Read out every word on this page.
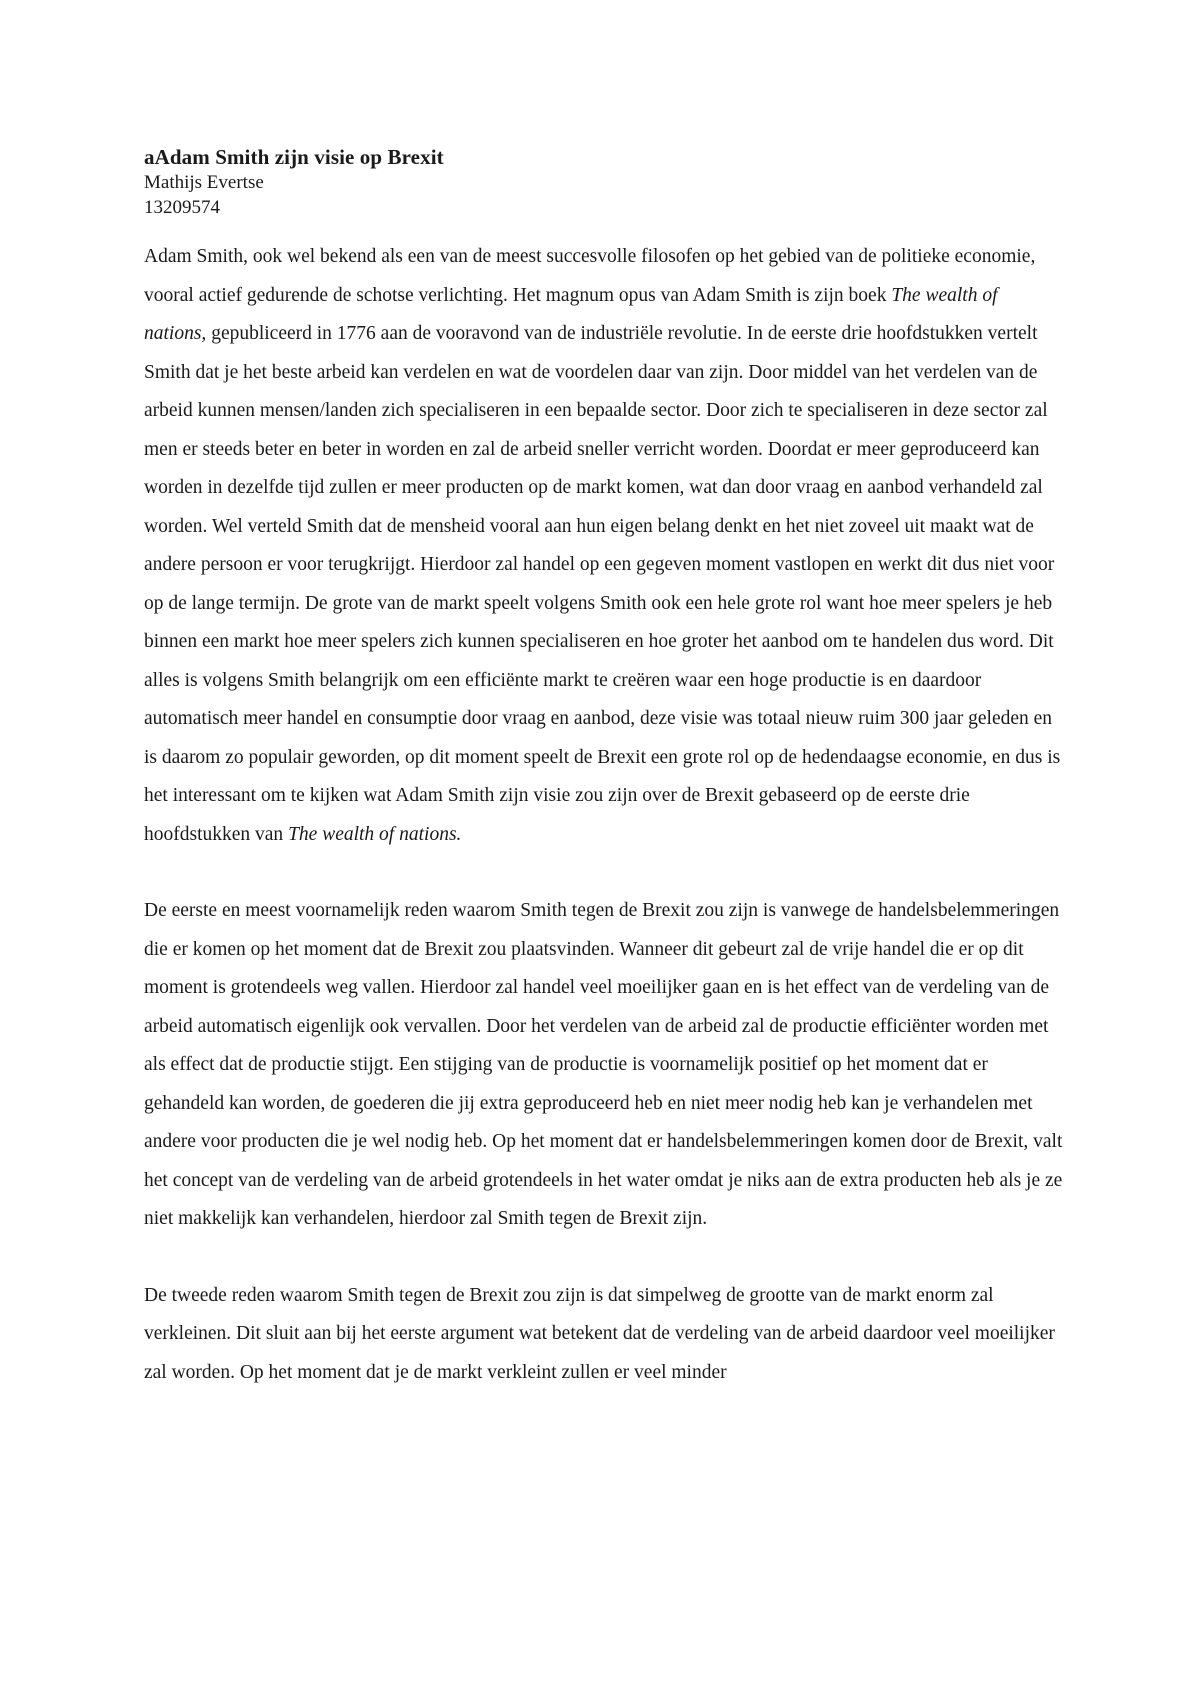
aAdam Smith zijn visie op Brexit

Mathijs Evertse

13209574

Adam Smith, ook wel bekend als een van de meest succesvolle filosofen op het gebied van de politieke economie, vooral actief gedurende de schotse verlichting. Het magnum opus van Adam Smith is zijn boek The wealth of nations, gepubliceerd in 1776 aan de vooravond van de industriële revolutie. In de eerste drie hoofdstukken vertelt Smith dat je het beste arbeid kan verdelen en wat de voordelen daar van zijn. Door middel van het verdelen van de arbeid kunnen mensen/landen zich specialiseren in een bepaalde sector. Door zich te specialiseren in deze sector zal men er steeds beter en beter in worden en zal de arbeid sneller verricht worden. Doordat er meer geproduceerd kan worden in dezelfde tijd zullen er meer producten op de markt komen, wat dan door vraag en aanbod verhandeld zal worden. Wel verteld Smith dat de mensheid vooral aan hun eigen belang denkt en het niet zoveel uit maakt wat de andere persoon er voor terugkrijgt. Hierdoor zal handel op een gegeven moment vastlopen en werkt dit dus niet voor op de lange termijn. De grote van de markt speelt volgens Smith ook een hele grote rol want hoe meer spelers je heb binnen een markt hoe meer spelers zich kunnen specialiseren en hoe groter het aanbod om te handelen dus word. Dit alles is volgens Smith belangrijk om een efficiënte markt te creëren waar een hoge productie is en daardoor automatisch meer handel en consumptie door vraag en aanbod, deze visie was totaal nieuw ruim 300 jaar geleden en is daarom zo populair geworden, op dit moment speelt de Brexit een grote rol op de hedendaagse economie, en dus is het interessant om te kijken wat Adam Smith zijn visie zou zijn over de Brexit gebaseerd op de eerste drie hoofdstukken van The wealth of nations.

De eerste en meest voornamelijk reden waarom Smith tegen de Brexit zou zijn is vanwege de handelsbelemmeringen die er komen op het moment dat de Brexit zou plaatsvinden. Wanneer dit gebeurt zal de vrije handel die er op dit moment is grotendeels weg vallen. Hierdoor zal handel veel moeilijker gaan en is het effect van de verdeling van de arbeid automatisch eigenlijk ook vervallen. Door het verdelen van de arbeid zal de productie efficiënter worden met als effect dat de productie stijgt. Een stijging van de productie is voornamelijk positief op het moment dat er gehandeld kan worden, de goederen die jij extra geproduceerd heb en niet meer nodig heb kan je verhandelen met andere voor producten die je wel nodig heb. Op het moment dat er handelsbelemmeringen komen door de Brexit, valt het concept van de verdeling van de arbeid grotendeels in het water omdat je niks aan de extra producten heb als je ze niet makkelijk kan verhandelen, hierdoor zal Smith tegen de Brexit zijn.

De tweede reden waarom Smith tegen de Brexit zou zijn is dat simpelweg de grootte van de markt enorm zal verkleinen. Dit sluit aan bij het eerste argument wat betekent dat de verdeling van de arbeid daardoor veel moeilijker zal worden. Op het moment dat je de markt verkleint zullen er veel minder
